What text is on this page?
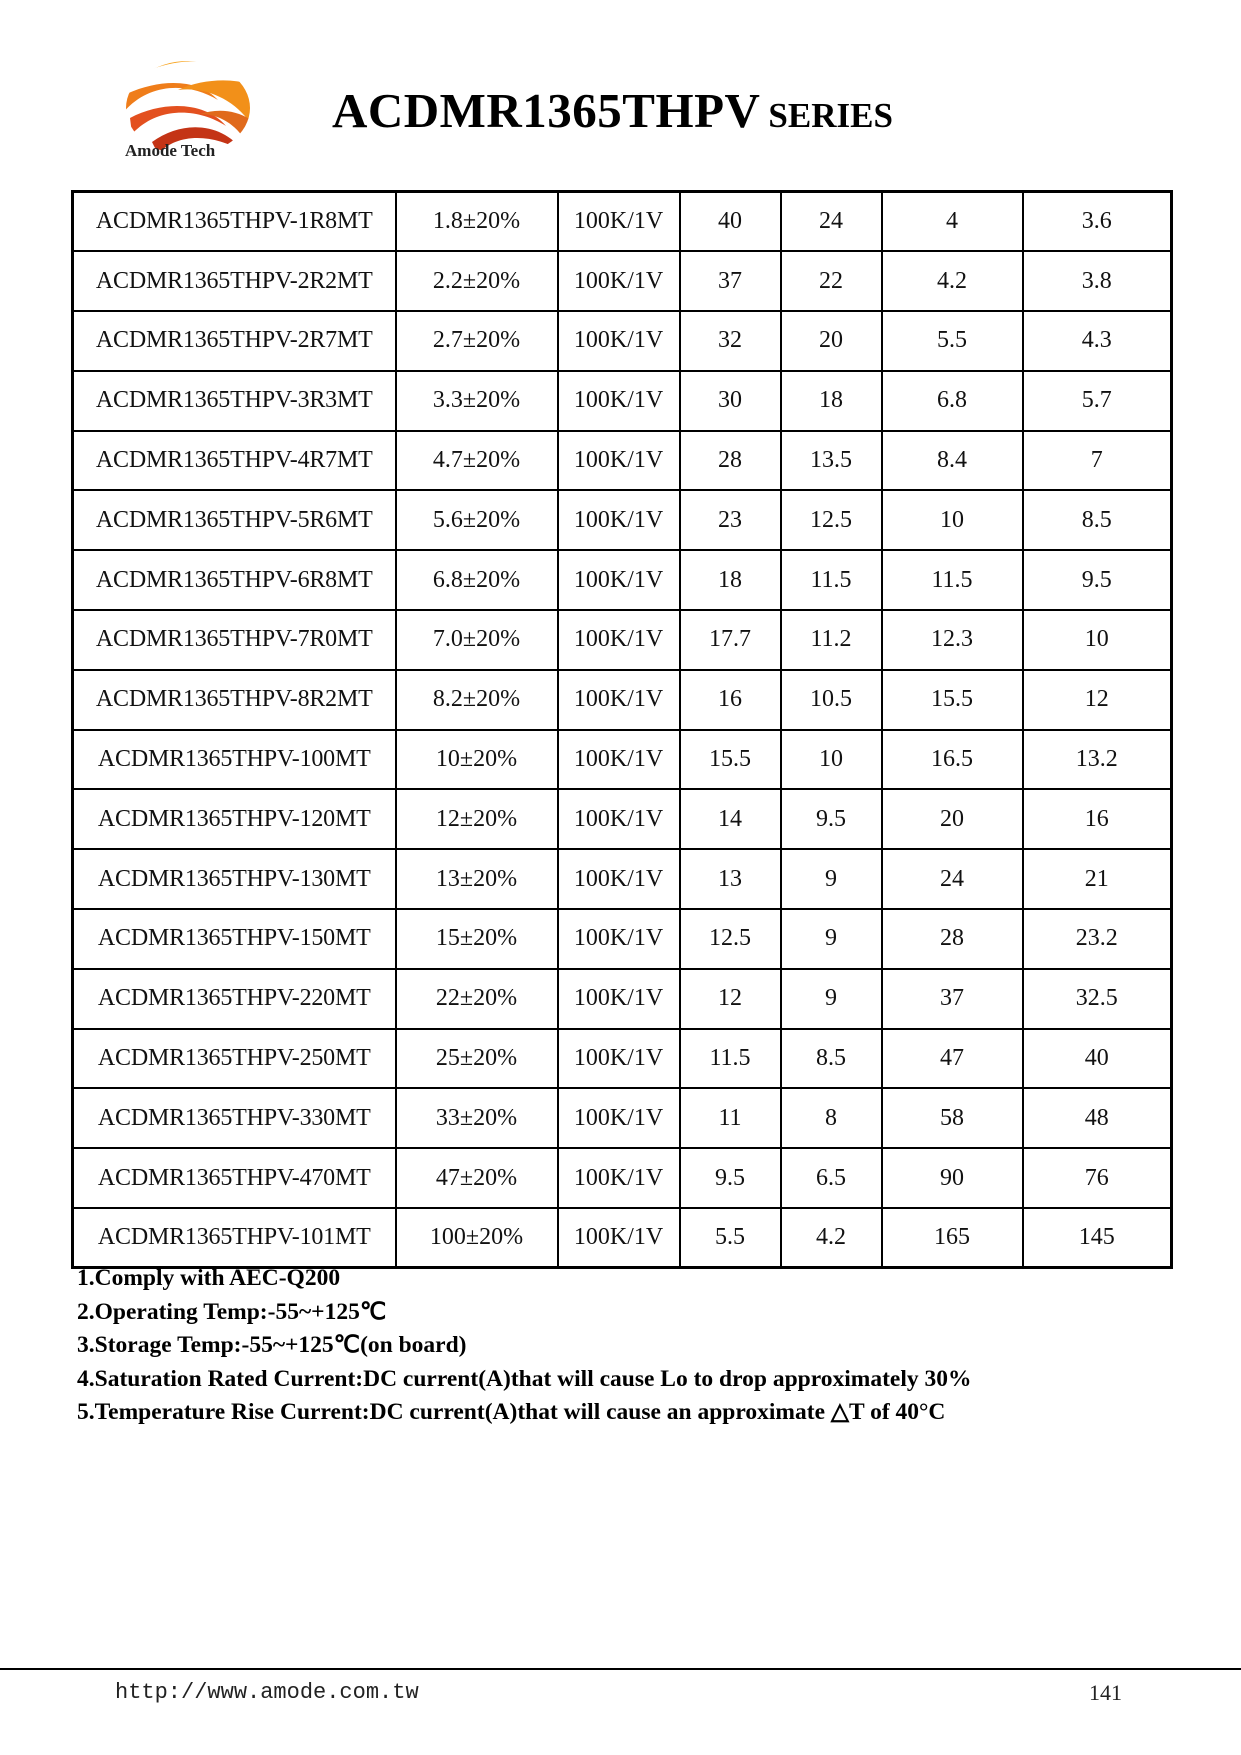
Amode Tech
ACDMR1365THPV SERIES
ACDMR1365THPV-1R8MT	1.8±20%	100K/1V	40	24	4	3.6
ACDMR1365THPV-2R2MT	2.2±20%	100K/1V	37	22	4.2	3.8
ACDMR1365THPV-2R7MT	2.7±20%	100K/1V	32	20	5.5	4.3
ACDMR1365THPV-3R3MT	3.3±20%	100K/1V	30	18	6.8	5.7
ACDMR1365THPV-4R7MT	4.7±20%	100K/1V	28	13.5	8.4	7
ACDMR1365THPV-5R6MT	5.6±20%	100K/1V	23	12.5	10	8.5
ACDMR1365THPV-6R8MT	6.8±20%	100K/1V	18	11.5	11.5	9.5
ACDMR1365THPV-7R0MT	7.0±20%	100K/1V	17.7	11.2	12.3	10
ACDMR1365THPV-8R2MT	8.2±20%	100K/1V	16	10.5	15.5	12
ACDMR1365THPV-100MT	10±20%	100K/1V	15.5	10	16.5	13.2
ACDMR1365THPV-120MT	12±20%	100K/1V	14	9.5	20	16
ACDMR1365THPV-130MT	13±20%	100K/1V	13	9	24	21
ACDMR1365THPV-150MT	15±20%	100K/1V	12.5	9	28	23.2
ACDMR1365THPV-220MT	22±20%	100K/1V	12	9	37	32.5
ACDMR1365THPV-250MT	25±20%	100K/1V	11.5	8.5	47	40
ACDMR1365THPV-330MT	33±20%	100K/1V	11	8	58	48
ACDMR1365THPV-470MT	47±20%	100K/1V	9.5	6.5	90	76
ACDMR1365THPV-101MT	100±20%	100K/1V	5.5	4.2	165	145
1.Comply with AEC-Q200
2.Operating Temp:-55~+125℃
3.Storage Temp:-55~+125℃(on board)
4.Saturation Rated Current:DC current(A)that will cause Lo to drop approximately 30%
5.Temperature Rise Current:DC current(A)that will cause an approximate △T of 40°C
http://www.amode.com.tw	141
